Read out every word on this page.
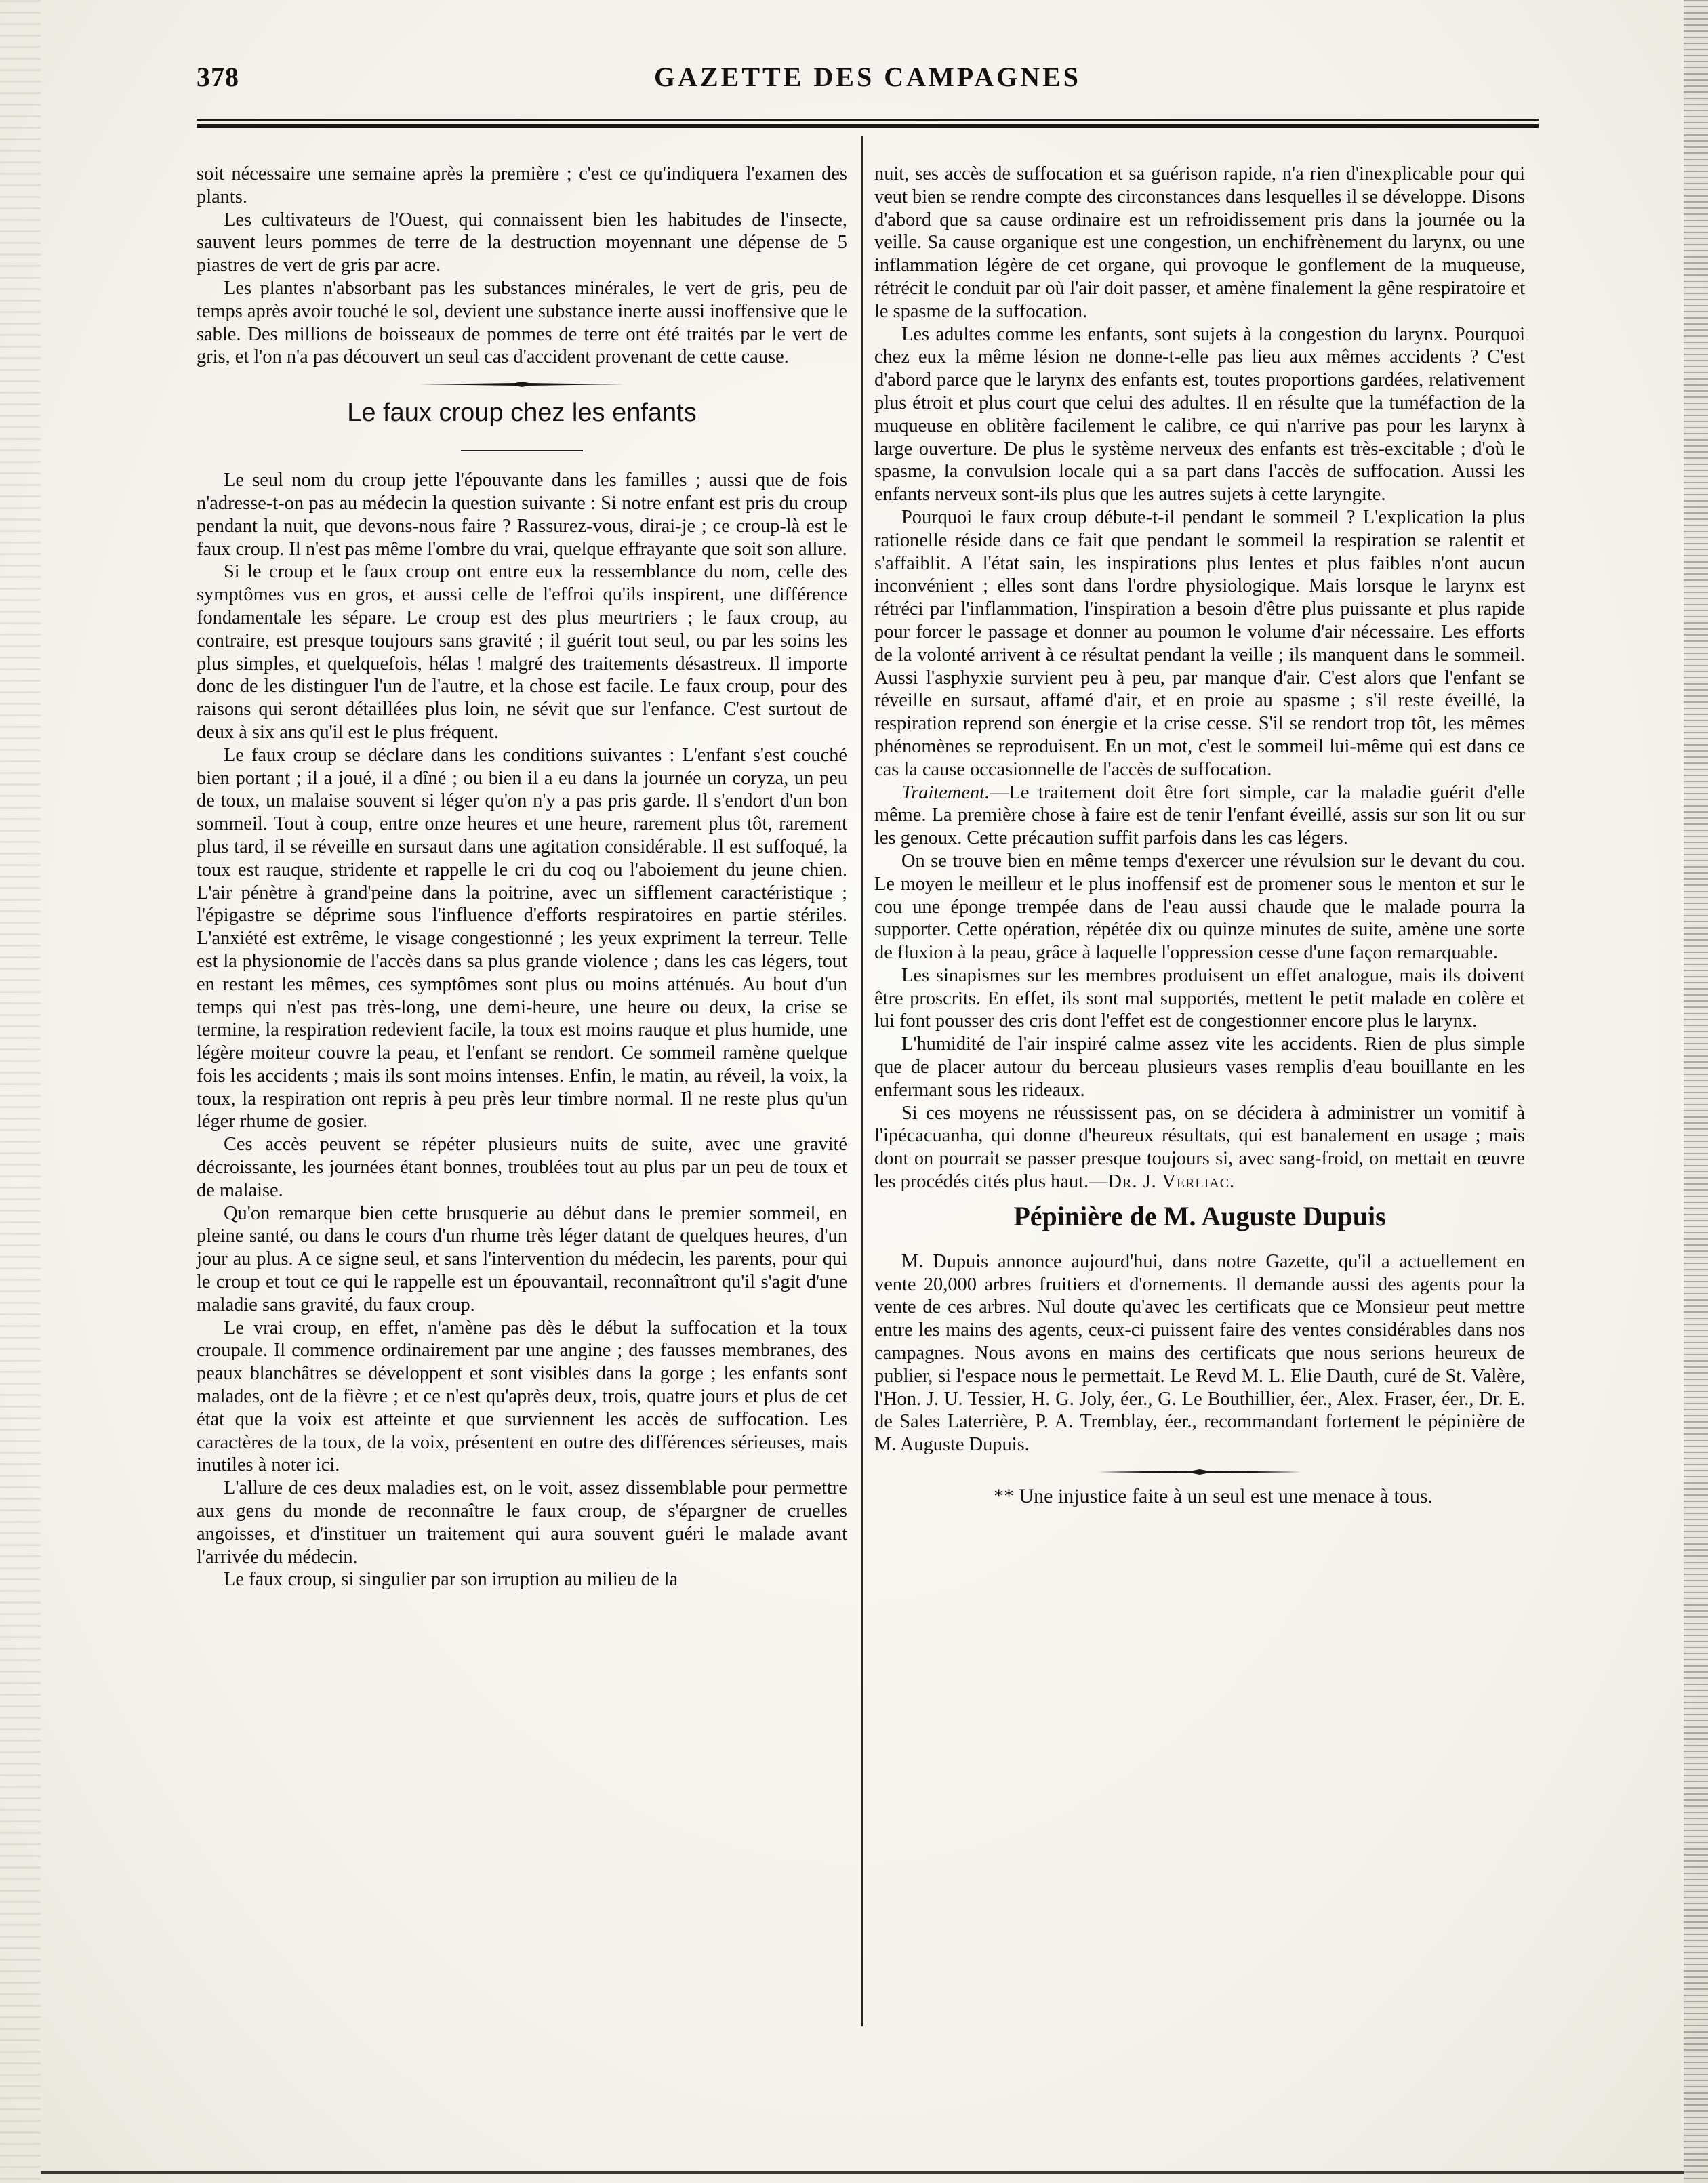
378	GAZETTE DES CAMPAGNES

soit nécessaire une semaine après la première ; c'est ce qu'indiquera l'examen des plants.

Les cultivateurs de l'Ouest, qui connaissent bien les habitudes de l'insecte, sauvent leurs pommes de terre de la destruction moyennant une dépense de 5 piastres de vert de gris par acre.

Les plantes n'absorbant pas les substances minérales, le vert de gris, peu de temps après avoir touché le sol, devient une substance inerte aussi inoffensive que le sable. Des millions de boisseaux de pommes de terre ont été traités par le vert de gris, et l'on n'a pas découvert un seul cas d'accident provenant de cette cause.

Le faux croup chez les enfants

Le seul nom du croup jette l'épouvante dans les familles ; aussi que de fois n'adresse-t-on pas au médecin la question suivante : Si notre enfant est pris du croup pendant la nuit, que devons-nous faire ? Rassurez-vous, dirai-je ; ce croup-là est le faux croup. Il n'est pas même l'ombre du vrai, quelque effrayante que soit son allure.

Si le croup et le faux croup ont entre eux la ressemblance du nom, celle des symptômes vus en gros, et aussi celle de l'effroi qu'ils inspirent, une différence fondamentale les sépare. Le croup est des plus meurtriers ; le faux croup, au contraire, est presque toujours sans gravité ; il guérit tout seul, ou par les soins les plus simples, et quelquefois, hélas ! malgré des traitements désastreux. Il importe donc de les distinguer l'un de l'autre, et la chose est facile. Le faux croup, pour des raisons qui seront détaillées plus loin, ne sévit que sur l'enfance. C'est surtout de deux à six ans qu'il est le plus fréquent.

Le faux croup se déclare dans les conditions suivantes : L'enfant s'est couché bien portant ; il a joué, il a dîné ; ou bien il a eu dans la journée un coryza, un peu de toux, un malaise souvent si léger qu'on n'y a pas pris garde. Il s'endort d'un bon sommeil. Tout à coup, entre onze heures et une heure, rarement plus tôt, rarement plus tard, il se réveille en sursaut dans une agitation considérable. Il est suffoqué, la toux est rauque, stridente et rappelle le cri du coq ou l'aboiement du jeune chien. L'air pénètre à grand'peine dans la poitrine, avec un sifflement caractéristique ; l'épigastre se déprime sous l'influence d'efforts respiratoires en partie stériles. L'anxiété est extrême, le visage congestionné ; les yeux expriment la terreur. Telle est la physionomie de l'accès dans sa plus grande violence ; dans les cas légers, tout en restant les mêmes, ces symptômes sont plus ou moins atténués. Au bout d'un temps qui n'est pas très-long, une demi-heure, une heure ou deux, la crise se termine, la respiration redevient facile, la toux est moins rauque et plus humide, une légère moiteur couvre la peau, et l'enfant se rendort. Ce sommeil ramène quelque fois les accidents ; mais ils sont moins intenses. Enfin, le matin, au réveil, la voix, la toux, la respiration ont repris à peu près leur timbre normal. Il ne reste plus qu'un léger rhume de gosier.

Ces accès peuvent se répéter plusieurs nuits de suite, avec une gravité décroissante, les journées étant bonnes, troublées tout au plus par un peu de toux et de malaise.

Qu'on remarque bien cette brusquerie au début dans le premier sommeil, en pleine santé, ou dans le cours d'un rhume très léger datant de quelques heures, d'un jour au plus. A ce signe seul, et sans l'intervention du médecin, les parents, pour qui le croup et tout ce qui le rappelle est un épouvantail, reconnaîtront qu'il s'agit d'une maladie sans gravité, du faux croup.

Le vrai croup, en effet, n'amène pas dès le début la suffocation et la toux croupale. Il commence ordinairement par une angine ; des fausses membranes, des peaux blanchâtres se développent et sont visibles dans la gorge ; les enfants sont malades, ont de la fièvre ; et ce n'est qu'après deux, trois, quatre jours et plus de cet état que la voix est atteinte et que surviennent les accès de suffocation. Les caractères de la toux, de la voix, présentent en outre des différences sérieuses, mais inutiles à noter ici.

L'allure de ces deux maladies est, on le voit, assez dissemblable pour permettre aux gens du monde de reconnaître le faux croup, de s'épargner de cruelles angoisses, et d'instituer un traitement qui aura souvent guéri le malade avant l'arrivée du médecin.

Le faux croup, si singulier par son irruption au milieu de la

nuit, ses accès de suffocation et sa guérison rapide, n'a rien d'inexplicable pour qui veut bien se rendre compte des circonstances dans lesquelles il se développe. Disons d'abord que sa cause ordinaire est un refroidissement pris dans la journée ou la veille. Sa cause organique est une congestion, un enchifrènement du larynx, ou une inflammation légère de cet organe, qui provoque le gonflement de la muqueuse, rétrécit le conduit par où l'air doit passer, et amène finalement la gêne respiratoire et le spasme de la suffocation.

Les adultes comme les enfants, sont sujets à la congestion du larynx. Pourquoi chez eux la même lésion ne donne-t-elle pas lieu aux mêmes accidents ? C'est d'abord parce que le larynx des enfants est, toutes proportions gardées, relativement plus étroit et plus court que celui des adultes. Il en résulte que la tuméfaction de la muqueuse en oblitère facilement le calibre, ce qui n'arrive pas pour les larynx à large ouverture. De plus le système nerveux des enfants est très-excitable ; d'où le spasme, la convulsion locale qui a sa part dans l'accès de suffocation. Aussi les enfants nerveux sont-ils plus que les autres sujets à cette laryngite.

Pourquoi le faux croup débute-t-il pendant le sommeil ? L'explication la plus rationelle réside dans ce fait que pendant le sommeil la respiration se ralentit et s'affaiblit. A l'état sain, les inspirations plus lentes et plus faibles n'ont aucun inconvénient ; elles sont dans l'ordre physiologique. Mais lorsque le larynx est rétréci par l'inflammation, l'inspiration a besoin d'être plus puissante et plus rapide pour forcer le passage et donner au poumon le volume d'air nécessaire. Les efforts de la volonté arrivent à ce résultat pendant la veille ; ils manquent dans le sommeil. Aussi l'asphyxie survient peu à peu, par manque d'air. C'est alors que l'enfant se réveille en sursaut, affamé d'air, et en proie au spasme ; s'il reste éveillé, la respiration reprend son énergie et la crise cesse. S'il se rendort trop tôt, les mêmes phénomènes se reproduisent. En un mot, c'est le sommeil lui-même qui est dans ce cas la cause occasionnelle de l'accès de suffocation.

Traitement.—Le traitement doit être fort simple, car la maladie guérit d'elle même. La première chose à faire est de tenir l'enfant éveillé, assis sur son lit ou sur les genoux. Cette précaution suffit parfois dans les cas légers.

On se trouve bien en même temps d'exercer une révulsion sur le devant du cou. Le moyen le meilleur et le plus inoffensif est de promener sous le menton et sur le cou une éponge trempée dans de l'eau aussi chaude que le malade pourra la supporter. Cette opération, répétée dix ou quinze minutes de suite, amène une sorte de fluxion à la peau, grâce à laquelle l'oppression cesse d'une façon remarquable.

Les sinapismes sur les membres produisent un effet analogue, mais ils doivent être proscrits. En effet, ils sont mal supportés, mettent le petit malade en colère et lui font pousser des cris dont l'effet est de congestionner encore plus le larynx.

L'humidité de l'air inspiré calme assez vite les accidents. Rien de plus simple que de placer autour du berceau plusieurs vases remplis d'eau bouillante en les enfermant sous les rideaux.

Si ces moyens ne réussissent pas, on se décidera à administrer un vomitif à l'ipécacuanha, qui donne d'heureux résultats, qui est banalement en usage ; mais dont on pourrait se passer presque toujours si, avec sang-froid, on mettait en œuvre les procédés cités plus haut.—Dr. J. Verliac.

Pépinière de M. Auguste Dupuis

M. Dupuis annonce aujourd'hui, dans notre Gazette, qu'il a actuellement en vente 20,000 arbres fruitiers et d'ornements. Il demande aussi des agents pour la vente de ces arbres. Nul doute qu'avec les certificats que ce Monsieur peut mettre entre les mains des agents, ceux-ci puissent faire des ventes considérables dans nos campagnes. Nous avons en mains des certificats que nous serions heureux de publier, si l'espace nous le permettait. Le Revd M. L. Elie Dauth, curé de St. Valère, l'Hon. J. U. Tessier, H. G. Joly, éer., G. Le Bouthillier, éer., Alex. Fraser, éer., Dr. E. de Sales Laterrière, P. A. Tremblay, éer., recommandant fortement le pépinière de M. Auguste Dupuis.

** Une injustice faite à un seul est une menace à tous.
